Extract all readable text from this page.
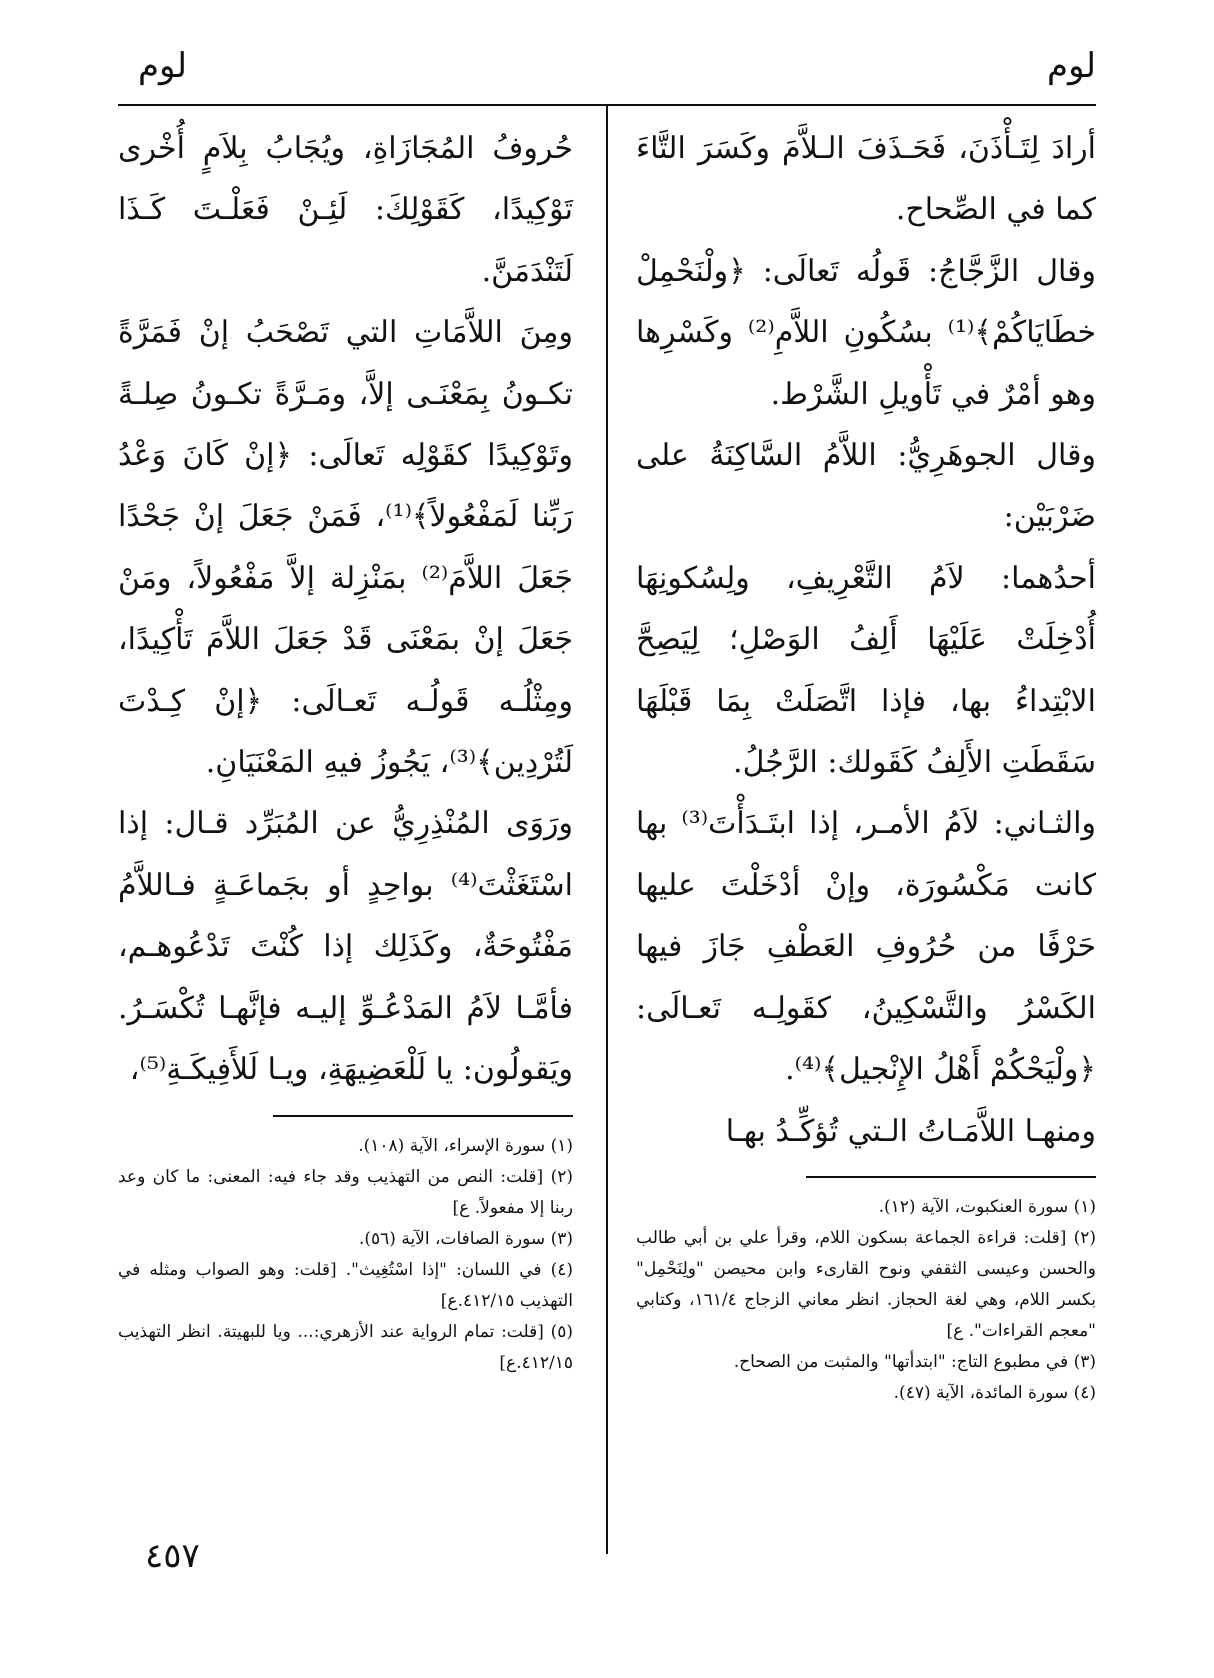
لوم
لوم

أرادَ لِتَـأْذَنَ، فَحَـذَفَ الـلاَّمَ وكَسَرَ التَّاءَ كما في الصِّحاح.

وقال الزَّجَّاجُ: قَولُه تَعالَى: ﴿ولْنَحْمِلْ خطَايَاكُمْ﴾⁽¹⁾ بسُكُونِ اللاَّمِ⁽²⁾ وكَسْرِها وهو أمْرٌ في تَأْويلِ الشَّرْط.

وقال الجوهَرِيُّ: اللاَّمُ السَّاكِنَةُ على ضَرْبَيْن:

أحدُهما: لاَمُ التَّعْرِيفِ، ولِسُكونِهَا أُدْخِلَتْ عَلَيْهَا أَلِفُ الوَصْلِ؛ لِيَصِحَّ الابْتِداءُ بها، فإذا اتَّصَلَتْ بِمَا قَبْلَهَا سَقَطَتِ الأَلِفُ كَقَولك: الرَّجُلُ.

والثـاني: لاَمُ الأمـر، إذا ابتَـدَأْتَ⁽³⁾ بها كانت مَكْسُورَة، وإنْ أدْخَلْتَ عليها حَرْفًا من حُرُوفِ العَطْفِ جَازَ فيها الكَسْرُ والتَّسْكِينُ، كقَولِـه تَعـالَى: ﴿ولْيَحْكُمْ أَهْلُ الإِنْجيل﴾⁽⁴⁾.

ومنهـا اللاَّمَـاتُ الـتي تُؤكِّـدُ بهـا

(١) سورة العنكبوت، الآية (١٢).

(٢) [قلت: قراءة الجماعة بسكون اللام، وقرأ علي بن أبي طالب والحسن وعيسى الثقفي ونوح القارىء وابن محيصن "ولِنَحْمِل" بكسر اللام، وهي لغة الحجاز. انظر معاني الزجاج ١٦١/٤، وكتابي "معجم القراءات". ع]

(٣) في مطبوع التاج: "ابتدأتها" والمثبت من الصحاح.

(٤) سورة المائدة، الآية (٤٧).

حُروفُ المُجَازَاةِ، ويُجَابُ بِلاَمٍ أُخْرى تَوْكِيدًا، كَقَوْلِكَ: لَئِـنْ فَعَلْـتَ كَـذَا لَتَنْدَمَنَّ.

ومِنَ اللاَّمَاتِ التي تَصْحَبُ إنْ فَمَرَّةً تكـونُ بِمَعْنَـى إلاَّ، ومَـرَّةً تكـونُ صِلـةً وتَوْكِيدًا كقَوْلِه تَعالَى: ﴿إنْ كَانَ وَعْدُ رَبِّنا لَمَفْعُولاً﴾⁽¹⁾، فَمَنْ جَعَلَ إنْ جَحْدًا جَعَلَ اللاَّمَ⁽²⁾ بمَنْزِلة إلاَّ مَفْعُولاً، ومَنْ جَعَلَ إنْ بمَعْنَى قَدْ جَعَلَ اللاَّمَ تَأْكِيدًا، ومِثْلُـه قَولُـه تَعـالَى: ﴿إنْ كِـدْتَ لَتُرْدِين﴾⁽³⁾، يَجُوزُ فيهِ المَعْنَيَانِ.

ورَوَى المُنْذِرِيُّ عن المُبَرِّد قـال: إذا اسْتَغَثْتَ⁽⁴⁾ بواحِدٍ أو بجَماعَـةٍ فـاللاَّمُ مَفْتُوحَةٌ، وكَذَلِك إذا كُنْتَ تَدْعُوهـم، فأمَّـا لاَمُ المَدْعُـوِّ إليـه فإنَّهـا تُكْسَـرُ. ويَقولُون: يا لَلْعَضِيهَةِ، ويـا لَلأَفِيكَـةِ⁽⁵⁾،

(١) سورة الإسراء، الآية (١٠٨).

(٢) [قلت: النص من التهذيب وقد جاء فيه: المعنى: ما كان وعد ربنا إلا مفعولاً. ع]

(٣) سورة الصافات، الآية (٥٦).

(٤) في اللسان: "إذا اسْتُغِيث". [قلت: وهو الصواب ومثله في التهذيب ٤١٢/١٥.ع]

(٥) [قلت: تمام الرواية عند الأزهري:... ويا للبهيتة. انظر التهذيب ٤١٢/١٥.ع]

٤٥٧
